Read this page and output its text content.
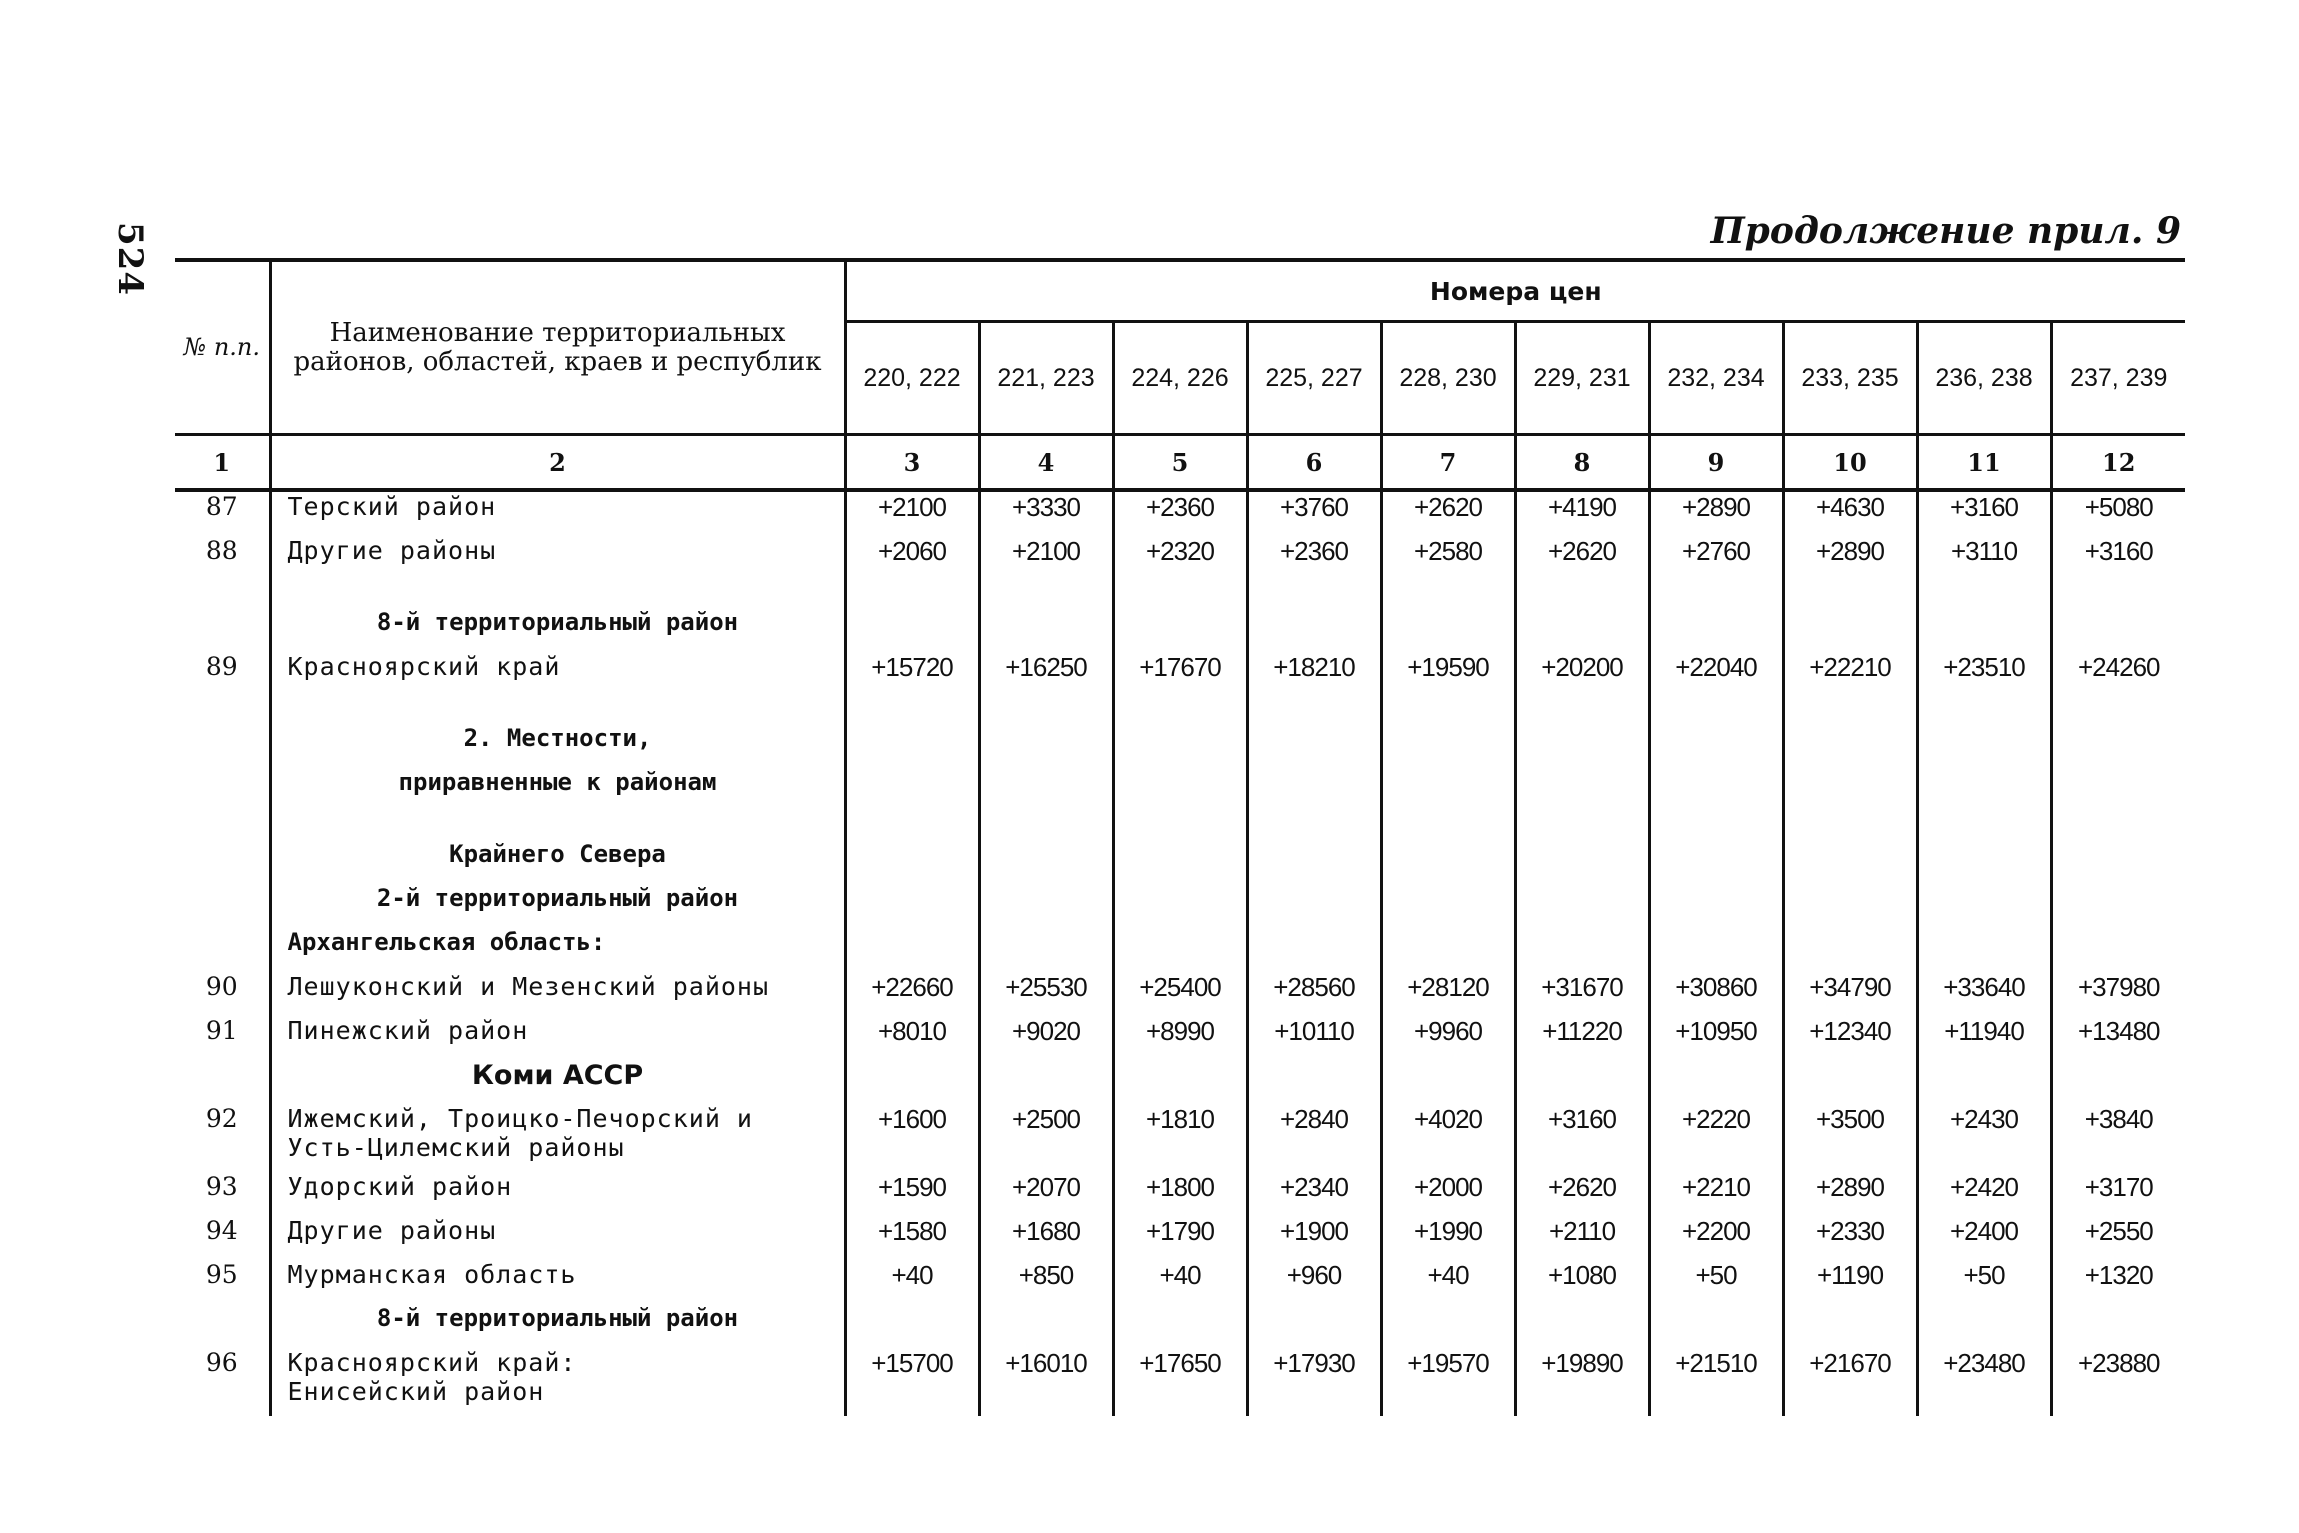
524	Продолжение прил. 9
№ п.п.	Наименование территориальных районов, областей, краев и республик	Номера цен									
		220, 222	221, 223	224, 226	225, 227	228, 230	229, 231	232, 234	233, 235	236, 238	237, 239
1	2	3	4	5	6	7	8	9	10	11	12
87	Терский район	+2100	+3330	+2360	+3760	+2620	+4190	+2890	+4630	+3160	+5080
88	Другие районы	+2060	+2100	+2320	+2360	+2580	+2620	+2760	+2890	+3110	+3160

	8-й территориальный район										
89	Красноярский край	+15720	+16250	+17670	+18210	+19590	+20200	+22040	+22210	+23510	+24260

	2. Местности,										
	приравненные к районам										

	Крайнего Севера										
	2-й территориальный район										
	Архангельская область:										
90	Лешуконский и Мезенский районы	+22660	+25530	+25400	+28560	+28120	+31670	+30860	+34790	+33640	+37980
91	Пинежский район	+8010	+9020	+8990	+10110	+9960	+11220	+10950	+12340	+11940	+13480
	Коми АССР										
92	Ижемский, Троицко-Печорский и
Усть-Цилемский районы	+1600	+2500	+1810	+2840	+4020	+3160	+2220	+3500	+2430	+3840
93	Удорский район	+1590	+2070	+1800	+2340	+2000	+2620	+2210	+2890	+2420	+3170
94	Другие районы	+1580	+1680	+1790	+1900	+1990	+2110	+2200	+2330	+2400	+2550
95	Мурманская область	+40	+850	+40	+960	+40	+1080	+50	+1190	+50	+1320
	8-й территориальный район										
96	Красноярский край:
Енисейский район	+15700	+16010	+17650	+17930	+19570	+19890	+21510	+21670	+23480	+23880
